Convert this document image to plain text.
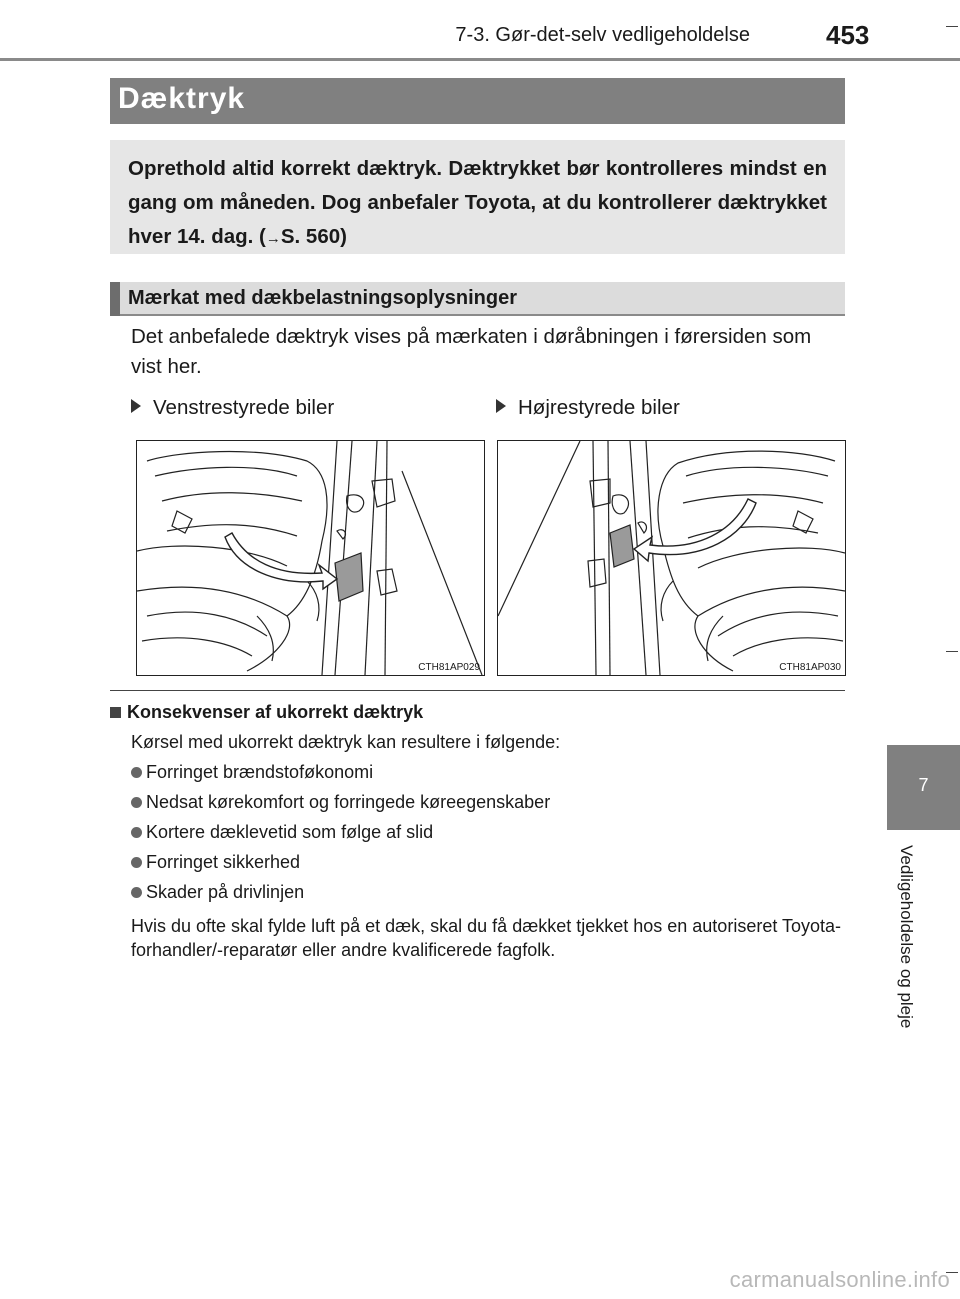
7-3. Gør-det-selv vedligeholdelse	453
Dæktryk

Oprethold altid korrekt dæktryk. Dæktrykket bør kontrolleres mindst en gang om måneden. Dog anbefaler Toyota, at du kontrollerer dæktrykket hver 14. dag. (→S. 560)

Mærkat med dækbelastningsoplysninger

Det anbefalede dæktryk vises på mærkaten i døråbningen i førersiden som vist her.

Venstrestyrede biler	Højrestyrede biler
CTH81AP029	CTH81AP030
Konsekvenser af ukorrekt dæktryk

Kørsel med ukorrekt dæktryk kan resultere i følgende:

Forringet brændstoføkonomi
Nedsat kørekomfort og forringede køreegenskaber
Kortere dæklevetid som følge af slid
Forringet sikkerhed
Skader på drivlinjen

Hvis du ofte skal fylde luft på et dæk, skal du få dækket tjekket hos en autoriseret Toyota-forhandler/-reparatør eller andre kvalificerede fagfolk.

7
Vedligeholdelse og pleje
carmanualsonline.info
